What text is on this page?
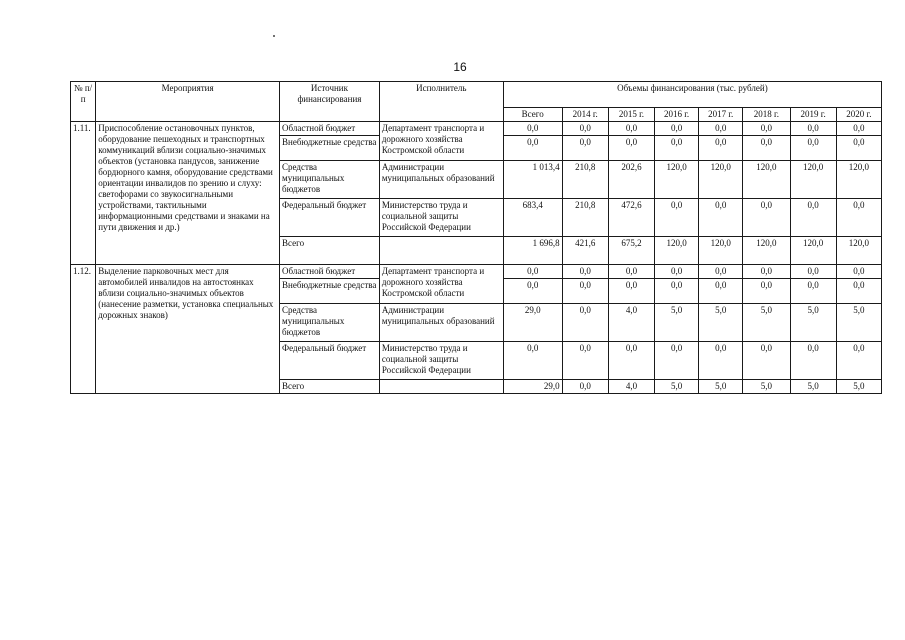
16
№ п/п	Мероприятия	Источник финансирования	Исполнитель	Объемы финансирования (тыс. рублей)							
				Всего	2014 г.	2015 г.	2016 г.	2017 г.	2018 г.	2019 г.	2020 г.
1.11.	Приспособление остановочных пунктов, оборудование пешеходных и транспортных коммуникаций вблизи социально-значимых объектов (установка пандусов, занижение бордюрного камня, оборудование средствами ориентации инвалидов по зрению и слуху: светофорами со звукосигнальными устройствами, тактильными информационными средствами и знаками на пути движения и др.)	Областной бюджет	Департамент транспорта и дорожного хозяйства Костромской области	0,0	0,0	0,0	0,0	0,0	0,0	0,0	0,0
		Внебюджетные средства		0,0	0,0	0,0	0,0	0,0	0,0	0,0	0,0
		Средства муниципальных бюджетов	Администрации муниципальных образований	1 013,4	210,8	202,6	120,0	120,0	120,0	120,0	120,0
		Федеральный бюджет	Министерство труда и социальной защиты Российской Федерации	683,4	210,8	472,6	0,0	0,0	0,0	0,0	0,0
		Всего		1 696,8	421,6	675,2	120,0	120,0	120,0	120,0	120,0
1.12.	Выделение парковочных мест для автомобилей инвалидов на автостоянках вблизи социально-значимых объектов (нанесение разметки, установка специальных дорожных знаков)	Областной бюджет	Департамент транспорта и дорожного хозяйства Костромской области	0,0	0,0	0,0	0,0	0,0	0,0	0,0	0,0
		Внебюджетные средства		0,0	0,0	0,0	0,0	0,0	0,0	0,0	0,0
		Средства муниципальных бюджетов	Администрации муниципальных образований	29,0	0,0	4,0	5,0	5,0	5,0	5,0	5,0
		Федеральный бюджет	Министерство труда и социальной защиты Российской Федерации	0,0	0,0	0,0	0,0	0,0	0,0	0,0	0,0
		Всего		29,0	0,0	4,0	5,0	5,0	5,0	5,0	5,0
